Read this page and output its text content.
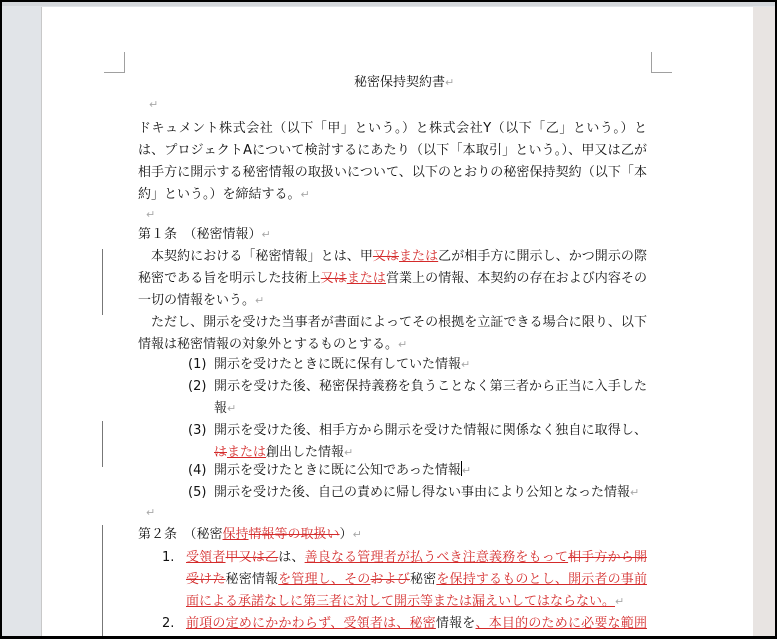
秘密保持契約書↵
↵
ドキュメント株式会社（以下「甲」という。）と株式会社Y（以下「乙」という。）と
は、プロジェクトAについて検討するにあたり（以下「本取引」という。）、甲又は乙が
相手方に開示する秘密情報の取扱いについて、以下のとおりの秘密保持契約（以下「本
約」という。）を締結する。↵
↵
第１条　（秘密情報）↵
本契約における「秘密情報」とは、甲又はまたは乙が相手方に開示し、かつ開示の際
秘密である旨を明示した技術上又はまたは営業上の情報、本契約の存在および内容その
一切の情報をいう。↵
ただし、開示を受けた当事者が書面によってその根拠を立証できる場合に限り、以下
情報は秘密情報の対象外とするものとする。↵
(1) 開示を受けたときに既に保有していた情報↵
(2) 開示を受けた後、秘密保持義務を負うことなく第三者から正当に入手した
報↵
(3) 開示を受けた後、相手方から開示を受けた情報に関係なく独自に取得し、
はまたは創出した情報↵
(4) 開示を受けたときに既に公知であった情報↵
(5) 開示を受けた後、自己の責めに帰し得ない事由により公知となった情報↵
↵
第２条　（秘密保持情報等の取扱い）↵
1. 受領者甲又は乙は、善良なる管理者が払うべき注意義務をもって相手方から開
受けた秘密情報を管理し、そのおよび秘密を保持するものとし、開示者の事前
面による承諾なしに第三者に対して開示等または漏えいしてはならない。↵
2. 前項の定めにかかわらず、受領者は、秘密情報を、本目的のために必要な範囲
